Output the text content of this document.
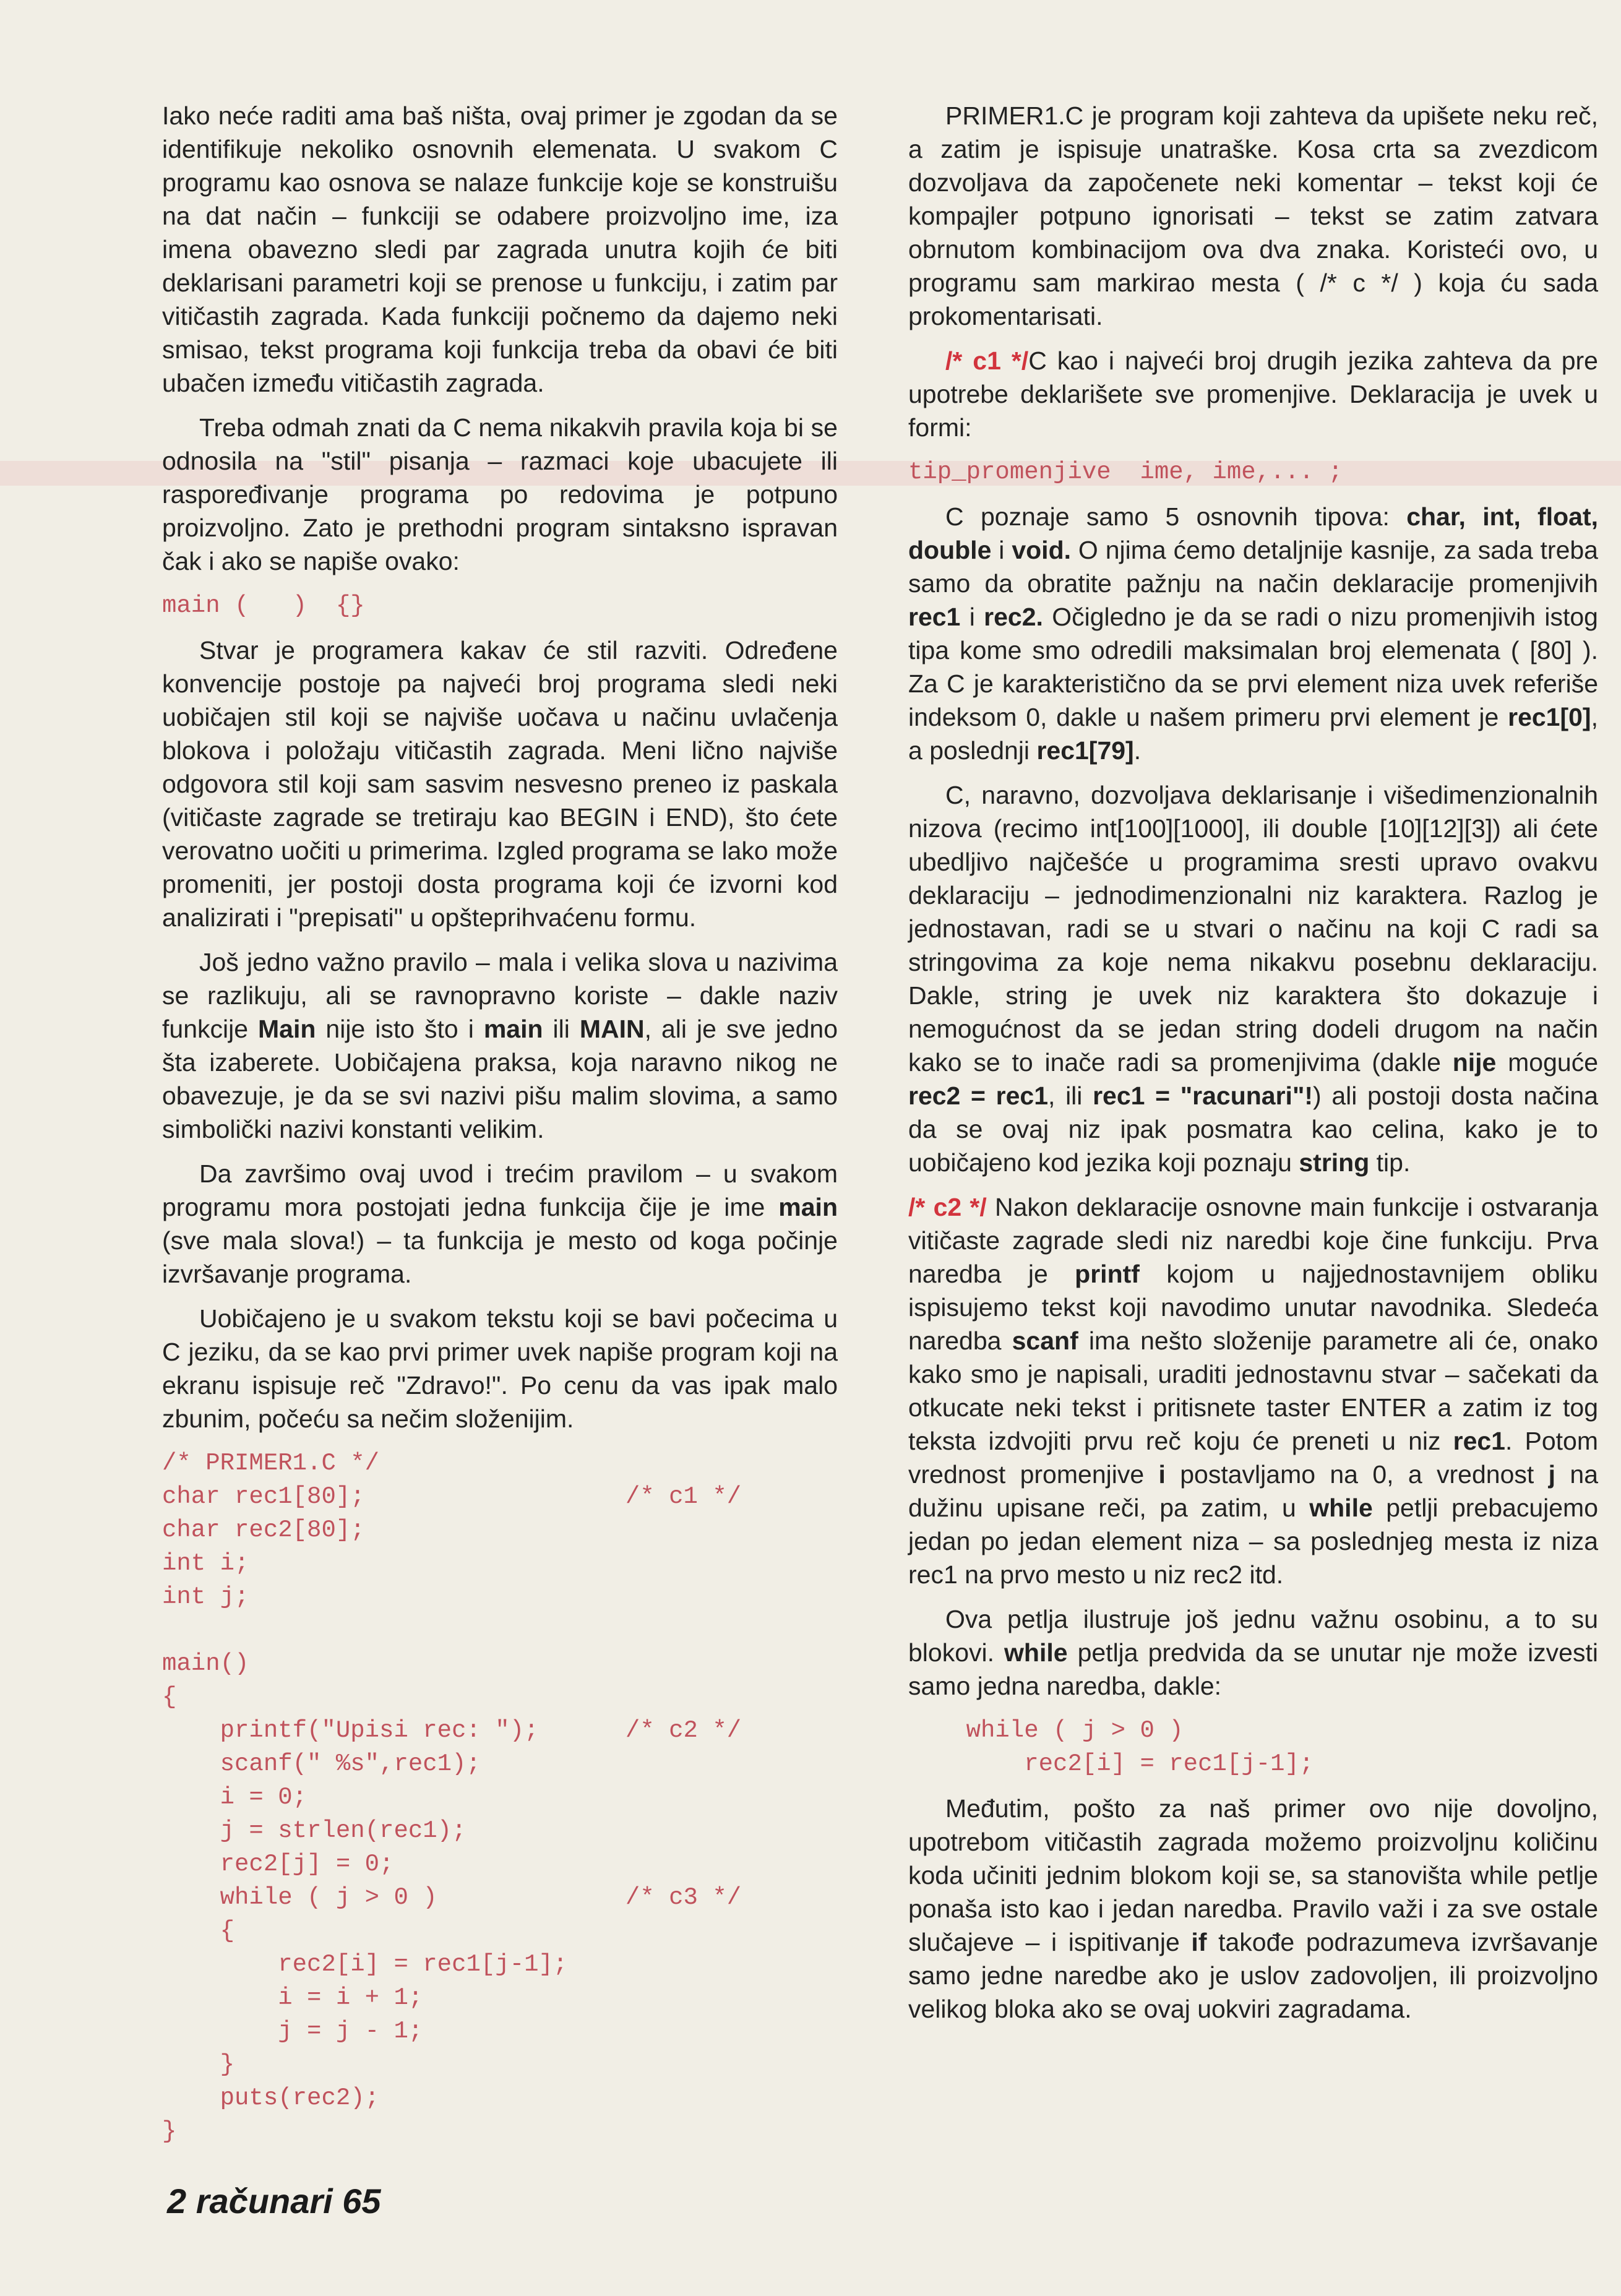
Iako neće raditi ama baš ništa, ovaj primer je zgodan da se identifikuje nekoliko osnovnih elemenata. U svakom C programu kao osnova se nalaze funkcije koje se konstruišu na dat način – funkciji se odabere proizvoljno ime, iza imena obavezno sledi par zagrada unutra kojih će biti deklarisani parametri koji se prenose u funkciju, i zatim par vitičastih zagrada. Kada funkciji počnemo da dajemo neki smisao, tekst programa koji funkcija treba da obavi će biti ubačen između vitičastih zagrada.

Treba odmah znati da C nema nikakvih pravila koja bi se odnosila na "stil" pisanja – razmaci koje ubacujete ili raspoređivanje programa po redovima je potpuno proizvoljno. Zato je prethodni program sintaksno ispravan čak i ako se napiše ovako:

main (   )  {}

Stvar je programera kakav će stil razviti. Određene konvencije postoje pa najveći broj programa sledi neki uobičajen stil koji se najviše uočava u načinu uvlačenja blokova i položaju vitičastih zagrada. Meni lično najviše odgovora stil koji sam sasvim nesvesno preneo iz paskala (vitičaste zagrade se tretiraju kao BEGIN i END), što ćete verovatno uočiti u primerima. Izgled programa se lako može promeniti, jer postoji dosta programa koji će izvorni kod analizirati i "prepisati" u opšteprihvaćenu formu.

Još jedno važno pravilo – mala i velika slova u nazivima se razlikuju, ali se ravnopravno koriste – dakle naziv funkcije Main nije isto što i main ili MAIN, ali je sve jedno šta izaberete. Uobičajena praksa, koja naravno nikog ne obavezuje, je da se svi nazivi pišu malim slovima, a samo simbolički nazivi konstanti velikim.

Da završimo ovaj uvod i trećim pravilom – u svakom programu mora postojati jedna funkcija čije je ime main (sve mala slova!) – ta funkcija je mesto od koga počinje izvršavanje programa.

Uobičajeno je u svakom tekstu koji se bavi počecima u C jeziku, da se kao prvi primer uvek napiše program koji na ekranu ispisuje reč "Zdravo!". Po cenu da vas ipak malo zbunim, počeću sa nečim složenijim.

/* PRIMER1.C */
char rec1[80];                  /* c1 */
char rec2[80];
int i;
int j;

main()
{
printf("Upisi rec: ");      /* c2 */
scanf(" %s",rec1);
i = 0;
j = strlen(rec1);
rec2[j] = 0;
while ( j > 0 )             /* c3 */
{
rec2[i] = rec1[j-1];
i = i + 1;
j = j - 1;
}
puts(rec2);
}

PRIMER1.C je program koji zahteva da upišete neku reč, a zatim je ispisuje unatraške. Kosa crta sa zvezdicom dozvoljava da započenete neki komentar – tekst koji će kompajler potpuno ignorisati – tekst se zatim zatvara obrnutom kombinacijom ova dva znaka. Koristeći ovo, u programu sam markirao mesta ( /* c */ ) koja ću sada prokomentarisati.

/* c1 */C kao i najveći broj drugih jezika zahteva da pre upotrebe deklarišete sve promenjive. Deklaracija je uvek u formi:

tip_promenjive  ime, ime,... ;

C poznaje samo 5 osnovnih tipova: char, int, float, double i void. O njima ćemo detaljnije kasnije, za sada treba samo da obratite pažnju na način deklaracije promenjivih rec1 i rec2. Očigledno je da se radi o nizu promenjivih istog tipa kome smo odredili maksimalan broj elemenata ( [80] ). Za C je karakteristično da se prvi element niza uvek referiše indeksom 0, dakle u našem primeru prvi element je rec1[0], a poslednji rec1[79].

C, naravno, dozvoljava deklarisanje i višedimenzionalnih nizova (recimo int[100][1000], ili double [10][12][3]) ali ćete ubedljivo najčešće u programima sresti upravo ovakvu deklaraciju – jednodimenzionalni niz karaktera. Razlog je jednostavan, radi se u stvari o načinu na koji C radi sa stringovima za koje nema nikakvu posebnu deklaraciju. Dakle, string je uvek niz karaktera što dokazuje i nemogućnost da se jedan string dodeli drugom na način kako se to inače radi sa promenjivima (dakle nije moguće rec2 = rec1, ili rec1 = "racunari"!) ali postoji dosta načina da se ovaj niz ipak posmatra kao celina, kako je to uobičajeno kod jezika koji poznaju string tip.

/* c2 */ Nakon deklaracije osnovne main funkcije i ostvaranja vitičaste zagrade sledi niz naredbi koje čine funkciju. Prva naredba je printf kojom u najjednostavnijem obliku ispisujemo tekst koji navodimo unutar navodnika. Sledeća naredba scanf ima nešto složenije parametre ali će, onako kako smo je napisali, uraditi jednostavnu stvar – sačekati da otkucate neki tekst i pritisnete taster ENTER a zatim iz tog teksta izdvojiti prvu reč koju će preneti u niz rec1. Potom vrednost promenjive i postavljamo na 0, a vrednost j na dužinu upisane reči, pa zatim, u while petlji prebacujemo jedan po jedan element niza – sa poslednjeg mesta iz niza rec1 na prvo mesto u niz rec2 itd.

Ova petlja ilustruje još jednu važnu osobinu, a to su blokovi. while petlja predvida da se unutar nje može izvesti samo jedna naredba, dakle:

while ( j > 0 )
rec2[i] = rec1[j-1];

Međutim, pošto za naš primer ovo nije dovoljno, upotrebom vitičastih zagrada možemo proizvoljnu količinu koda učiniti jednim blokom koji se, sa stanovišta while petlje ponaša isto kao i jedan naredba. Pravilo važi i za sve ostale slučajeve – i ispitivanje if takođe podrazumeva izvršavanje samo jedne naredbe ako je uslov zadovoljen, ili proizvoljno velikog bloka ako se ovaj uokviri zagradama.

2 računari 65
